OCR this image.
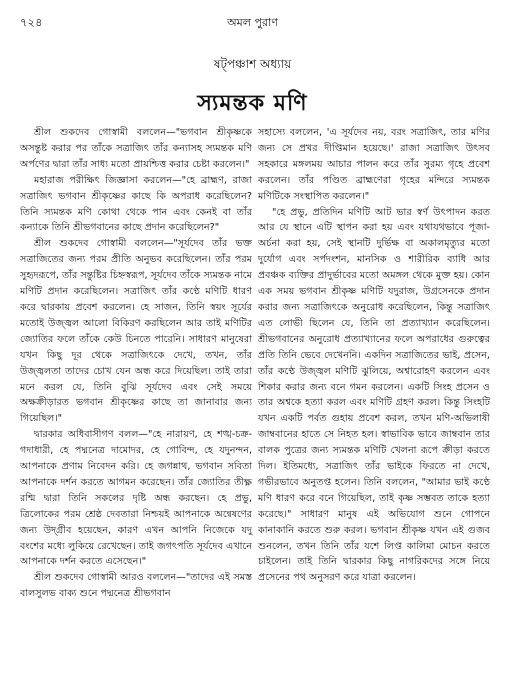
৭২৪	অমল পুরাণ
ষট্‌পঞ্চাশ অধ্যায়
স্যমন্তক মণি

শ্রীল শুকদেব গোস্বামী বললেন—"ভগবান শ্রীকৃষ্ণকে অসন্তুষ্ট করার পর তাঁকে সত্রাজিৎ তাঁর কন্যাসহ স্যমন্তক মণি অর্পণের দ্বারা তাঁর সাধ্য মতো প্রায়শ্চিত্ত করার চেষ্টা করলেন।"

মহারাজ পরীক্ষিৎ জিজ্ঞাসা করলেন—"হে ব্রাহ্মণ, রাজা সত্রাজিৎ ভগবান শ্রীকৃষ্ণের কাছে কি অপরাধ করেছিলেন? তিনি স্যমন্তক মণি কোথা থেকে পান এবং কেনই বা তাঁর কন্যাকে তিনি শ্রীভগবানের কাছে প্রদান করেছিলেন?"

শ্রীল শুকদেব গোস্বামী বললেন—"সূর্যদেব তাঁর ভক্ত সত্রাজিতের জন্য পরম প্রীতি অনুভব করেছিলেন। তাঁর পরম সুহৃদরূপে, তাঁর সন্তুষ্টির চিহ্নস্বরূপ, সূর্যদেব তাঁকে স্যমন্তক নামে মণিটি প্রদান করেছিলেন। সত্রাজিৎ তাঁর কণ্ঠে মণিটি ধারণ করে দ্বারকায় প্রবেশ করলেন। হে সাজন, তিনি স্বয়ং সূর্যের মতোই উজ্জ্বল আলো বিকিরণ করছিলেন আর তাই মণিটির জ্যোতির ফলে তাঁকে কেউ চিনতে পারেনি। সাধারণ মানুষেরা যখন কিছু দূর থেকে সত্রাজিৎকে দেখে, তখন, তাঁর উজ্জ্বলতা তাদের চোখ যেন অন্ধ করে দিয়েছিল। তাই তারা মনে করল যে, তিনি বুঝি সূর্যদেব এবং সেই সময়ে অক্ষক্রীড়ারত ভগবান শ্রীকৃষ্ণের কাছে তা জানাবার জন্য গিয়েছিল।"

দ্বারকার অধিবাসীগণ বলল—"হে নারায়ণ, হে শঙ্খ-চক্র-গদাধারী, হে পদ্মনেত্র দামোদর, হে গোবিন্দ, হে যদুনন্দন, আপনাকে প্রণাম নিবেদন করি। হে জগন্নাথ, ভগবান সবিতা আপনাকে দর্শন করতে আগমন করেছেন। তাঁর জ্যোতির তীক্ষ্ণ রশ্মি দ্বারা তিনি সকলের দৃষ্টি অন্ধ করছেন। হে প্রভু, ত্রিলোকের পরম শ্রেষ্ঠ দেবতারা নিশ্চয়ই আপনাকে অন্বেষণের জন্য উদ্‌গ্রীব হয়েছেন, কারণ এখন আপনি নিজেকে যদু বংশের মধ্যে লুকিয়ে রেখেছেন। তাই জগৎপতি সূর্যদেব এখানে আপনাকে দর্শন করতে এসেছেন।"

শ্রীল শুকদেব গোস্বামী আরও বললেন—"তাদের এই সমস্ত বালসুলভ বাক্য শুনে পদ্মনেত্র শ্রীভগবান

সহাস্যে বললেন, 'এ সূর্যদেব নয়, বরং সত্রাজিৎ, তার মণির জন্য সে প্রখর দীপ্তিমান হয়েছে।' রাজা সত্রাজিৎ উৎসব সহকারে মঙ্গলময় আচার পালন করে তাঁর সুরম্য গৃহে প্রবেশ করলেন। তাঁর পণ্ডিত ব্রাহ্মণেরা গৃহের মন্দিরে স্যমন্তক মণিটিকে সংস্থাপিত করলেন।"

"হে প্রভু, প্রতিদিন মণিটি আট ভার স্বর্ণ উৎপাদন করত আর যে স্থানে এটি স্থাপন করা হয় এবং যথাযথভাবে পূজা-অর্চনা করা হয়, সেই স্থানটি দুর্ভিক্ষ বা অকালমৃত্যুর মতো দুর্যোগ এবং সর্পদংশন, মানসিক ও শারীরিক ব্যাধি আর প্রবঞ্চক ব্যক্তির প্রাদুর্ভাবের মতো অমঙ্গল থেকে মুক্ত হয়। কোন এক সময় ভগবান শ্রীকৃষ্ণ মণিটি যদুরাজ, উগ্রসেনকে প্রদান করার জন্য সত্রাজিৎকে অনুরোধ করেছিলেন, কিন্তু সত্রাজিৎ এত লোভী ছিলেন যে, তিনি তা প্রত্যাখ্যান করেছিলেন। শ্রীভগবানের অনুরোধ প্রত্যাখ্যানের ফলে অপরাধের গুরুত্বের প্রতি তিনি ভেবে দেখেননি। একদিন সত্রাজিতের ভাই, প্রসেন, তাঁর কণ্ঠে উজ্জ্বল মণিটি ঝুলিয়ে, অশ্বারোহণ করলেন এবং শিকার করার জন্য বনে গমন করলেন। একটি সিংহ প্রসেন ও তার অশ্বকে হত্যা করল এবং মণিটি গ্রহণ করল। কিন্তু সিংহটি যখন একটি পর্বত গুহায় প্রবেশ করল, তখন মণি-অভিলাষী জাম্ববানের হাতে সে নিহত হল। স্বাভাবিক ভাবে জাম্ববান তার বালক পুত্রের জন্য স্যমন্তক মণিটি খেলনা রূপে ক্রীড়া করতে দিল। ইতিমধ্যে, সত্রাজিৎ তাঁর ভাইকে ফিরতে না দেখে, গভীরভাবে অনুতপ্ত হলেন। তিনি বললেন, "আমার ভাই কণ্ঠে মণি ধারণ করে বনে গিয়েছিল, তাই কৃষ্ণ সম্ভবত তাকে হত্যা করেছে।" সাধারণ মানুষ এই অভিযোগ শুনে গোপনে কানাকানি করতে শুরু করল। ভগবান শ্রীকৃষ্ণ যখন এই গুজব শুনলেন, তখন তিনি তাঁর যশে লিপ্ত কালিমা মোচন করতে চাইলেন। তাই তিনি দ্বারকার কিছু নাগরিকদের সঙ্গে নিয়ে প্রসেনের পথ অনুসরণ করে যাত্রা করলেন।
